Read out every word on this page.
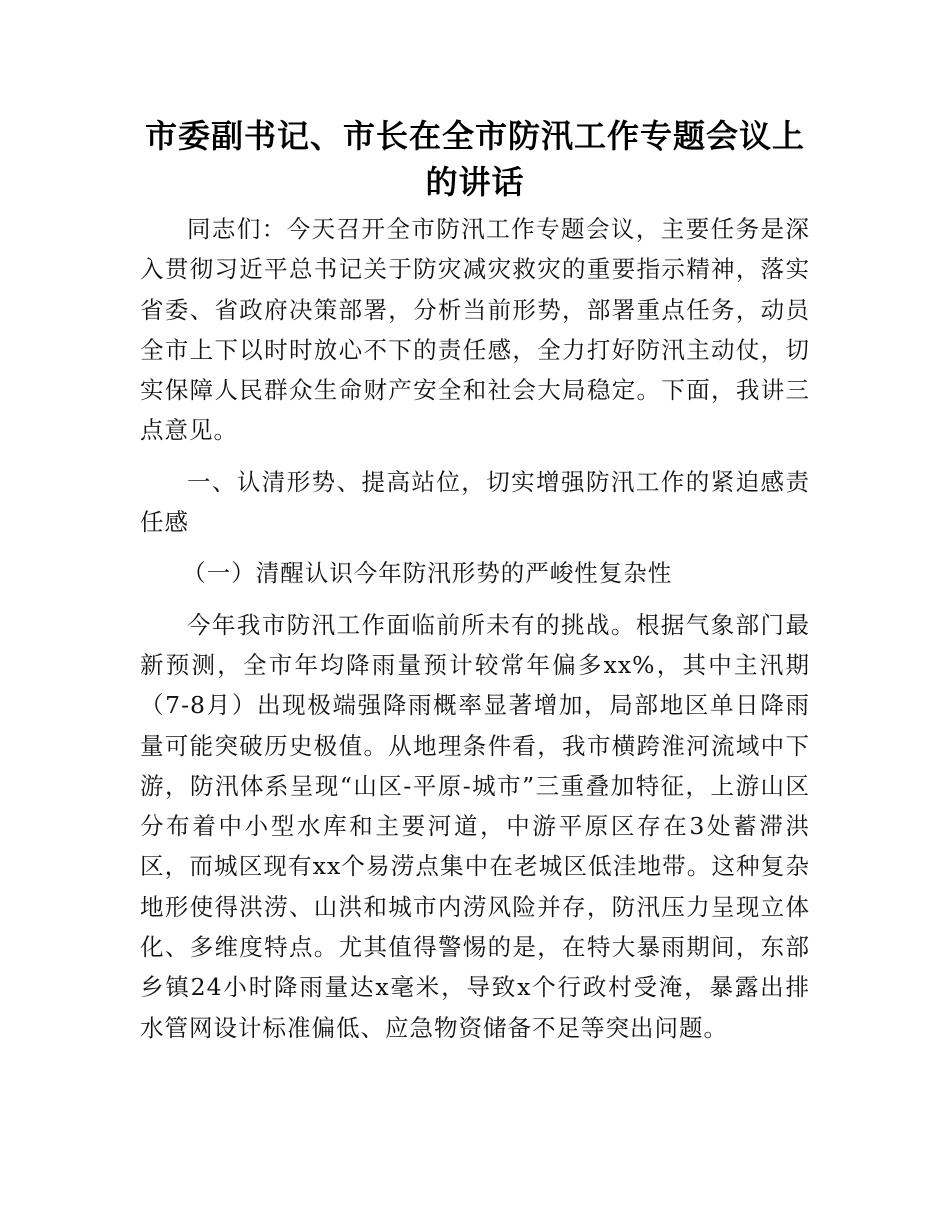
市委副书记、市长在全市防汛工作专题会议上
的讲话

同志们：今天召开全市防汛工作专题会议，主要任务是深入贯彻习近平总书记关于防灾减灾救灾的重要指示精神，落实省委、省政府决策部署，分析当前形势，部署重点任务，动员全市上下以时时放心不下的责任感，全力打好防汛主动仗，切实保障人民群众生命财产安全和社会大局稳定。下面，我讲三点意见。

一、认清形势、提高站位，切实增强防汛工作的紧迫感责任感

（一）清醒认识今年防汛形势的严峻性复杂性

今年我市防汛工作面临前所未有的挑战。根据气象部门最新预测，全市年均降雨量预计较常年偏多xx%，其中主汛期（7-8月）出现极端强降雨概率显著增加，局部地区单日降雨量可能突破历史极值。从地理条件看，我市横跨淮河流域中下游，防汛体系呈现“山区-平原-城市”三重叠加特征，上游山区分布着中小型水库和主要河道，中游平原区存在3处蓄滞洪区，而城区现有xx个易涝点集中在老城区低洼地带。这种复杂地形使得洪涝、山洪和城市内涝风险并存，防汛压力呈现立体化、多维度特点。尤其值得警惕的是，在特大暴雨期间，东部乡镇24小时降雨量达x毫米，导致x个行政村受淹，暴露出排水管网设计标准偏低、应急物资储备不足等突出问题。
